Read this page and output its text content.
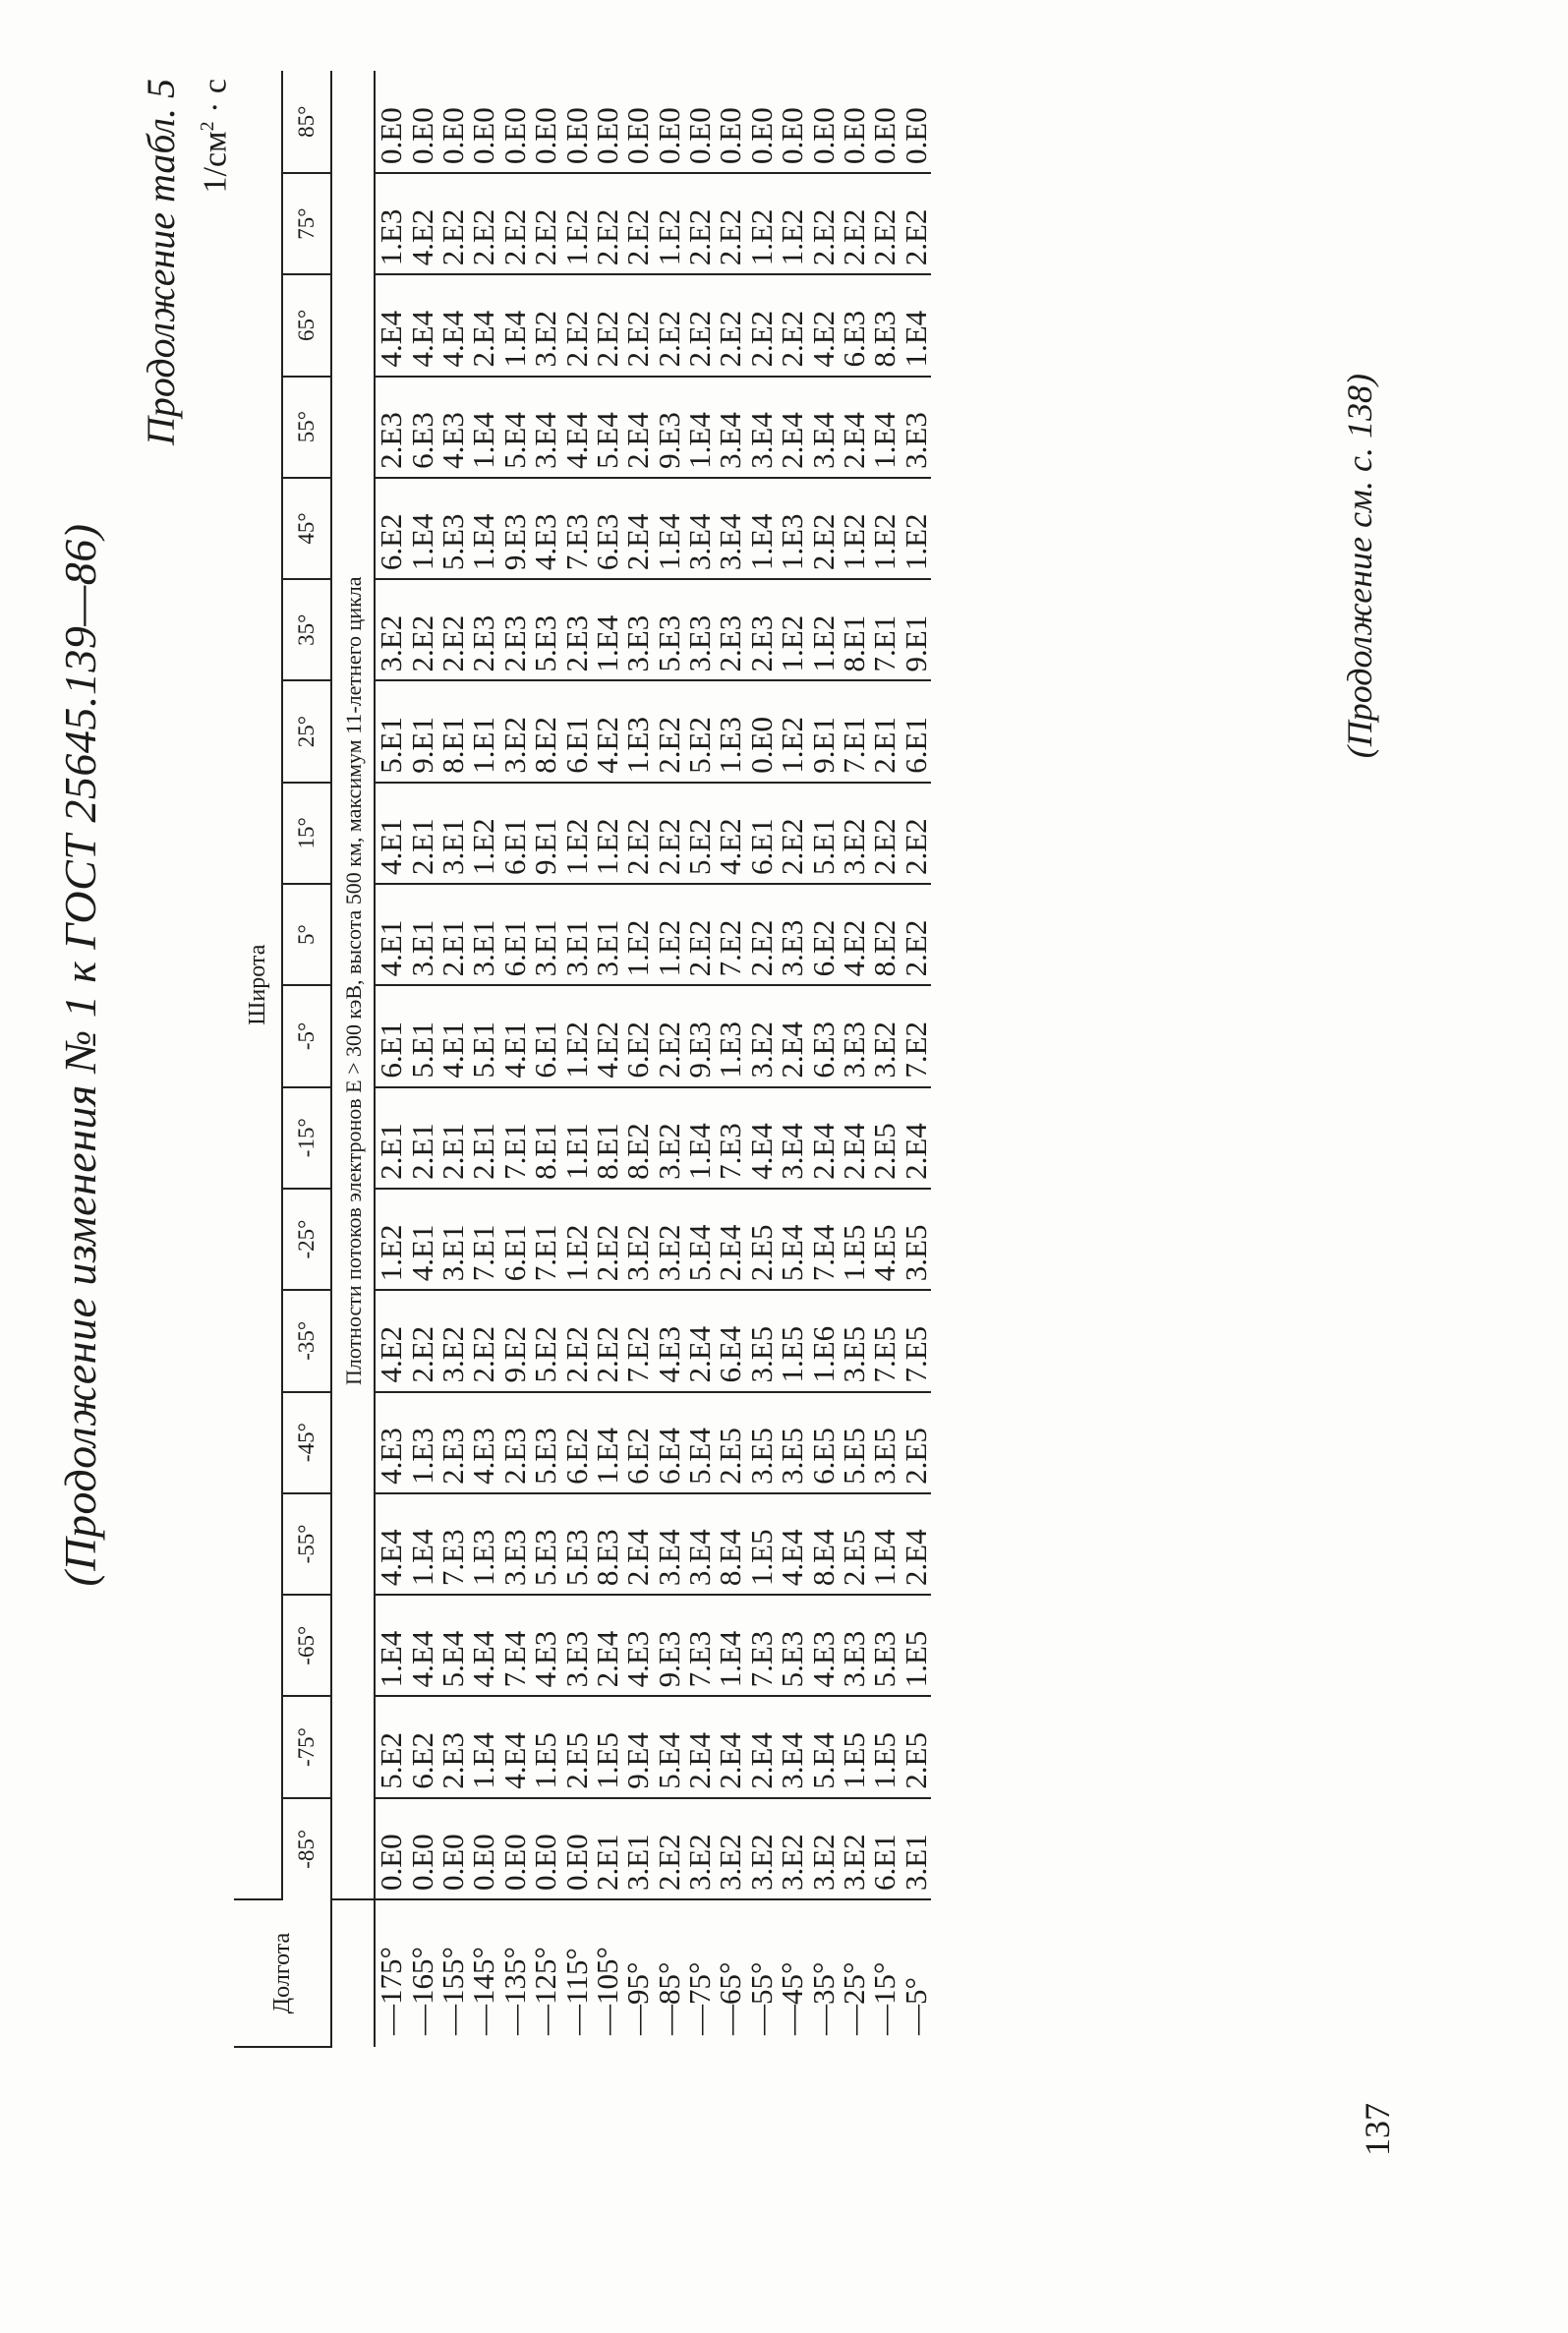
(Продолжение изменения № 1 к ГОСТ 25645.139—86)
Продолжение табл. 5 $1/см^2 \cdot с$
Долгота	Широта																	
	-85°	-75°	-65°	-55°	-45°	-35°	-25°	-15°	-5°	5°	15°	25°	35°	45°	55°	65°	75°	85°
	Плотности потоков электронов E > 300 кэВ, высота 500 км, максимум 11-летнего цикла																	
—175°	0.E0	5.E2	1.E4	4.E4	4.E3	4.E2	1.E2	2.E1	6.E1	4.E1	4.E1	5.E1	3.E2	6.E2	2.E3	4.E4	1.E3	0.E0
—165°	0.E0	6.E2	4.E4	1.E4	1.E3	2.E2	4.E1	2.E1	5.E1	3.E1	2.E1	9.E1	2.E2	1.E4	6.E3	4.E4	4.E2	0.E0
—155°	0.E0	2.E3	5.E4	7.E3	2.E3	3.E2	3.E1	2.E1	4.E1	2.E1	3.E1	8.E1	2.E2	5.E3	4.E3	4.E4	2.E2	0.E0
—145°	0.E0	1.E4	4.E4	1.E3	4.E3	2.E2	7.E1	2.E1	5.E1	3.E1	1.E2	1.E1	2.E3	1.E4	1.E4	2.E4	2.E2	0.E0
—135°	0.E0	4.E4	7.E4	3.E3	2.E3	9.E2	6.E1	7.E1	4.E1	6.E1	6.E1	3.E2	2.E3	9.E3	5.E4	1.E4	2.E2	0.E0
—125°	0.E0	1.E5	4.E3	5.E3	5.E3	5.E2	7.E1	8.E1	6.E1	3.E1	9.E1	8.E2	5.E3	4.E3	3.E4	3.E2	2.E2	0.E0
—115°	0.E0	2.E5	3.E3	5.E3	6.E2	2.E2	1.E2	1.E1	1.E2	3.E1	1.E2	6.E1	2.E3	7.E3	4.E4	2.E2	1.E2	0.E0
—105°	2.E1	1.E5	2.E4	8.E3	1.E4	2.E2	2.E2	8.E1	4.E2	3.E1	1.E2	4.E2	1.E4	6.E3	5.E4	2.E2	2.E2	0.E0
—95°	3.E1	9.E4	4.E3	2.E4	6.E2	7.E2	3.E2	8.E2	6.E2	1.E2	2.E2	1.E3	3.E3	2.E4	2.E4	2.E2	2.E2	0.E0
—85°	2.E2	5.E4	9.E3	3.E4	6.E4	4.E3	3.E2	3.E2	2.E2	1.E2	2.E2	2.E2	5.E3	1.E4	9.E3	2.E2	1.E2	0.E0
—75°	3.E2	2.E4	7.E3	3.E4	5.E4	2.E4	5.E4	1.E4	9.E3	2.E2	5.E2	5.E2	3.E3	3.E4	1.E4	2.E2	2.E2	0.E0
—65°	3.E2	2.E4	1.E4	8.E4	2.E5	6.E4	2.E4	7.E3	1.E3	7.E2	4.E2	1.E3	2.E3	3.E4	3.E4	2.E2	2.E2	0.E0
—55°	3.E2	2.E4	7.E3	1.E5	3.E5	3.E5	2.E5	4.E4	3.E2	2.E2	6.E1	0.E0	2.E3	1.E4	3.E4	2.E2	1.E2	0.E0
—45°	3.E2	3.E4	5.E3	4.E4	3.E5	1.E5	5.E4	3.E4	2.E4	3.E3	2.E2	1.E2	1.E2	1.E3	2.E4	2.E2	1.E2	0.E0
—35°	3.E2	5.E4	4.E3	8.E4	6.E5	1.E6	7.E4	2.E4	6.E3	6.E2	5.E1	9.E1	1.E2	2.E2	3.E4	4.E2	2.E2	0.E0
—25°	3.E2	1.E5	3.E3	2.E5	5.E5	3.E5	1.E5	2.E4	3.E3	4.E2	3.E2	7.E1	8.E1	1.E2	2.E4	6.E3	2.E2	0.E0
—15°	6.E1	1.E5	5.E3	1.E4	3.E5	7.E5	4.E5	2.E5	3.E2	8.E2	2.E2	2.E1	7.E1	1.E2	1.E4	8.E3	2.E2	0.E0
—5°	3.E1	2.E5	1.E5	2.E4	2.E5	7.E5	3.E5	2.E4	7.E2	2.E2	2.E2	6.E1	9.E1	1.E2	3.E3	1.E4	2.E2	0.E0
(Продолжение см. с. 138)
137
